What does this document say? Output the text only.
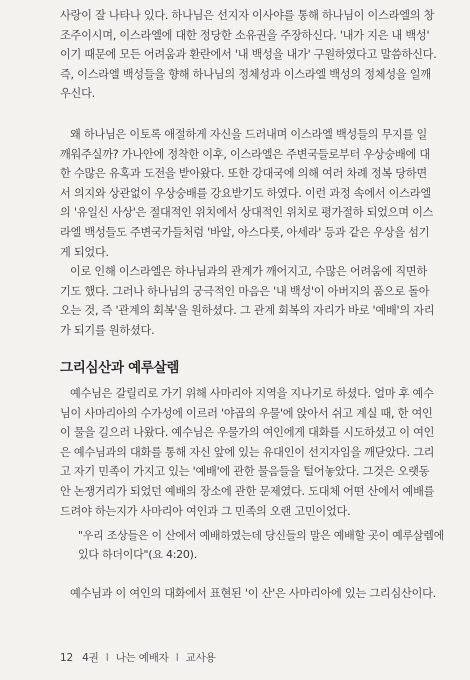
사랑이 잘 나타나 있다. 하나님은 선지자 이사야를 통해 하나님이 이스라엘의 창
조주이시며, 이스라엘에 대한 정당한 소유권을 주장하신다. '내가 지은 내 백성'
이기 때문에 모든 어려움과 환란에서 '내 백성을 내가' 구원하였다고 말씀하신다.
즉, 이스라엘 백성들을 향해 하나님의 정체성과 이스라엘 백성의 정체성을 일깨
우신다.
왜 하나님은 이토록 애절하게 자신을 드러내며 이스라엘 백성들의 무지를 일
깨워주실까? 가나안에 정착한 이후, 이스라엘은 주변국들로부터 우상숭배에 대
한 수많은 유혹과 도전을 받아왔다. 또한 강대국에 의해 여러 차례 정복 당하면
서 의지와 상관없이 우상숭배를 강요받기도 하였다. 이런 과정 속에서 이스라엘
의 '유일신 사상'은 절대적인 위치에서 상대적인 위치로 평가절하 되었으며 이스
라엘 백성들도 주변국가들처럼 '바알, 아스다롯, 아세라' 등과 같은 우상을 섬기
게 되었다.
이로 인해 이스라엘은 하나님과의 관계가 깨어지고, 수많은 어려움에 직면하
기도 했다. 그러나 하나님의 궁극적인 마음은 '내 백성'이 아버지의 품으로 돌아
오는 것, 즉 '관계의 회복'을 원하셨다. 그 관계 회복의 자리가 바로 '예배'의 자리
가 되기를 원하셨다.
그리심산과 예루살렘
예수님은 갈릴리로 가기 위해 사마리아 지역을 지나기로 하셨다. 얼마 후 예수
님이 사마리아의 수가성에 이르러 '야곱의 우물'에 앉아서 쉬고 계실 때, 한 여인
이 물을 길으러 나왔다. 예수님은 우물가의 여인에게 대화를 시도하셨고 이 여인
은 예수님과의 대화를 통해 자신 앞에 있는 유대인이 선지자임을 깨닫았다. 그리
고 자기 민족이 가지고 있는 '예배'에 관한 물음들을 털어놓았다. 그것은 오랫동
안 논쟁거리가 되었던 예배의 장소에 관한 문제였다. 도대체 어떤 산에서 예배를
드려야 하는지가 사마리아 여인과 그 민족의 오랜 고민이었다.
"우리 조상들은 이 산에서 예배하였는데 당신들의 말은 예배할 곳이 예루살렘에
있다 하더이다"(요 4:20).
예수님과 이 여인의 대화에서 표현된 '이 산'은 사마리아에 있는 그리심산이다.
12 4권 I 나는 예배자 I 교사용
